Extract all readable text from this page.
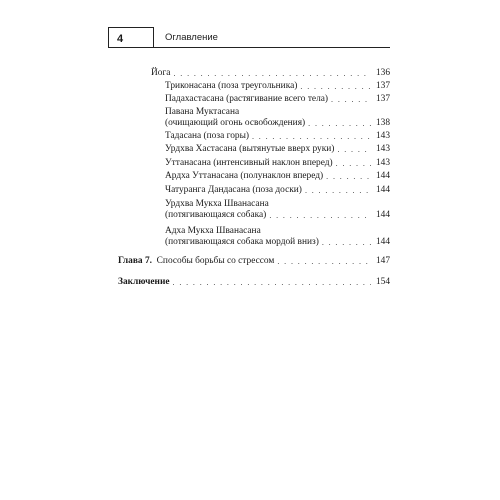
4	Оглавление
Йога . . .	136
Триконасана (поза треугольника) . . .	137
Падахастасана (растягивание всего тела) . . .	137
Павана Муктасана
(очищающий огонь освобождения) . . .	138
Тадасана (поза горы) . . .	143
Урдхва Хастасана (вытянутые вверх руки) . . .	143
Уттанасана (интенсивный наклон вперед) . . .	143
Ардха Уттанасана (полунаклон вперед) . . .	144
Чатуранга Дандасана (поза доски) . . .	144
Урдхва Мукха Шванасана
(потягивающаяся собака) . . .	144
Адха Мукха Шванасана
(потягивающаяся собака мордой вниз) . . .	144
Глава 7. Способы борьбы со стрессом . . .	147
Заключение . . .	154
